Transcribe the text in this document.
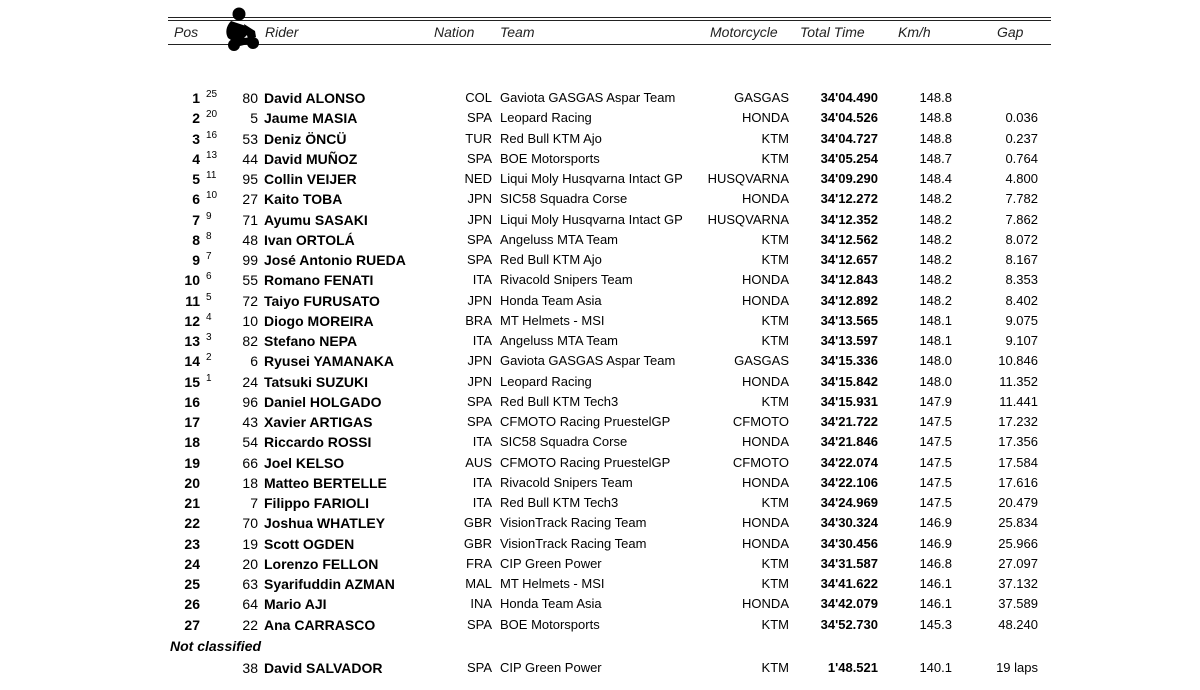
Pos	Rider	Nation Team	Motorcycle Total Time Km/h	Gap
1 25	80 David ALONSO	COL Gaviota GASGAS Aspar Team	GASGAS	34'04.490	148.8
2 20	5 Jaume MASIA	SPA Leopard Racing	HONDA	34'04.526	148.8	0.036
3 16	53 Deniz ÖNCÜ	TUR Red Bull KTM Ajo	KTM	34'04.727	148.8	0.237
4 13	44 David MUÑOZ	SPA BOE Motorsports	KTM	34'05.254	148.7	0.764
5 11	95 Collin VEIJER	NED Liqui Moly Husqvarna Intact GP	HUSQVARNA	34'09.290	148.4	4.800
6 10	27 Kaito TOBA	JPN SIC58 Squadra Corse	HONDA	34'12.272	148.2	7.782
7 9	71 Ayumu SASAKI	JPN Liqui Moly Husqvarna Intact GP	HUSQVARNA	34'12.352	148.2	7.862
8 8	48 Ivan ORTOLÁ	SPA Angeluss MTA Team	KTM	34'12.562	148.2	8.072
9 7	99 José Antonio RUEDA	SPA Red Bull KTM Ajo	KTM	34'12.657	148.2	8.167
10 6	55 Romano FENATI	ITA Rivacold Snipers Team	HONDA	34'12.843	148.2	8.353
11 5	72 Taiyo FURUSATO	JPN Honda Team Asia	HONDA	34'12.892	148.2	8.402
12 4	10 Diogo MOREIRA	BRA MT Helmets - MSI	KTM	34'13.565	148.1	9.075
13 3	82 Stefano NEPA	ITA Angeluss MTA Team	KTM	34'13.597	148.1	9.107
14 2	6 Ryusei YAMANAKA	JPN Gaviota GASGAS Aspar Team	GASGAS	34'15.336	148.0	10.846
15 1	24 Tatsuki SUZUKI	JPN Leopard Racing	HONDA	34'15.842	148.0	11.352
16	96 Daniel HOLGADO	SPA Red Bull KTM Tech3	KTM	34'15.931	147.9	11.441
17	43 Xavier ARTIGAS	SPA CFMOTO Racing PruestelGP	CFMOTO	34'21.722	147.5	17.232
18	54 Riccardo ROSSI	ITA SIC58 Squadra Corse	HONDA	34'21.846	147.5	17.356
19	66 Joel KELSO	AUS CFMOTO Racing PruestelGP	CFMOTO	34'22.074	147.5	17.584
20	18 Matteo BERTELLE	ITA Rivacold Snipers Team	HONDA	34'22.106	147.5	17.616
21	7 Filippo FARIOLI	ITA Red Bull KTM Tech3	KTM	34'24.969	147.5	20.479
22	70 Joshua WHATLEY	GBR VisionTrack Racing Team	HONDA	34'30.324	146.9	25.834
23	19 Scott OGDEN	GBR VisionTrack Racing Team	HONDA	34'30.456	146.9	25.966
24	20 Lorenzo FELLON	FRA CIP Green Power	KTM	34'31.587	146.8	27.097
25	63 Syarifuddin AZMAN	MAL MT Helmets - MSI	KTM	34'41.622	146.1	37.132
26	64 Mario AJI	INA Honda Team Asia	HONDA	34'42.079	146.1	37.589
27	22 Ana CARRASCO	SPA BOE Motorsports	KTM	34'52.730	145.3	48.240
Not classified
38 David SALVADOR	SPA CIP Green Power	KTM	1'48.521	140.1	19 laps
